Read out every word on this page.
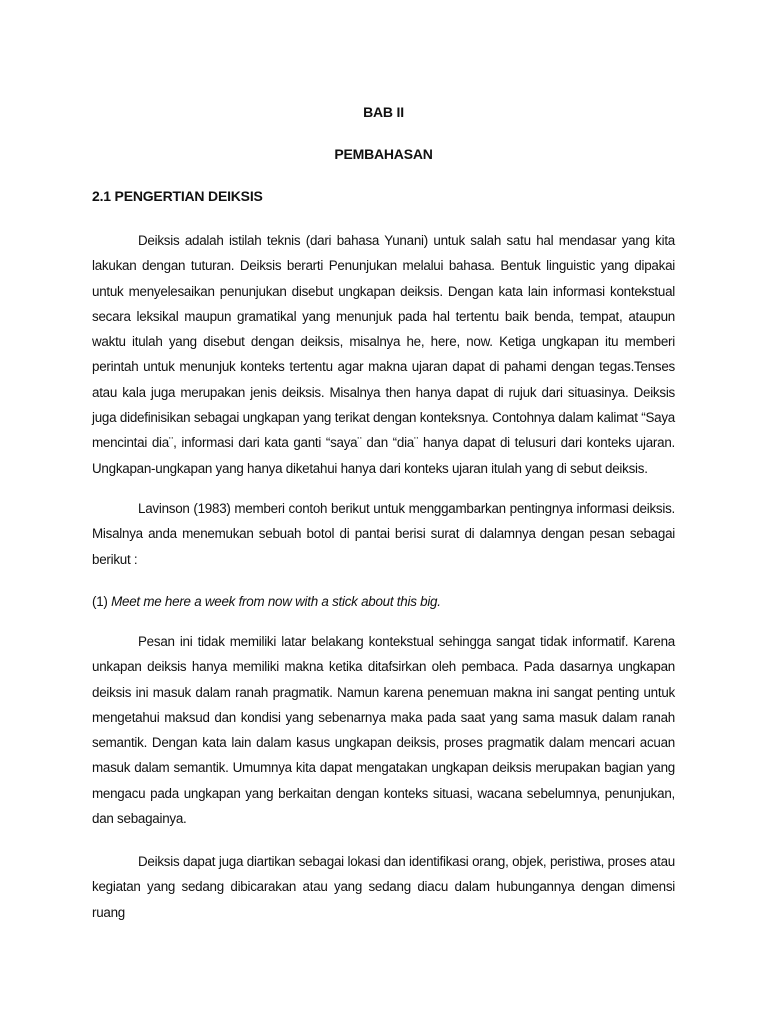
BAB II
PEMBAHASAN
2.1 PENGERTIAN DEIKSIS

Deiksis adalah istilah teknis (dari bahasa Yunani) untuk salah satu hal mendasar yang kita lakukan dengan tuturan. Deiksis berarti Penunjukan melalui bahasa. Bentuk linguistic yang dipakai untuk menyelesaikan penunjukan disebut ungkapan deiksis. Dengan kata lain informasi kontekstual secara leksikal maupun gramatikal yang menunjuk pada hal tertentu baik benda, tempat, ataupun waktu itulah yang disebut dengan deiksis, misalnya he, here, now. Ketiga ungkapan itu memberi perintah untuk menunjuk konteks tertentu agar makna ujaran dapat di pahami dengan tegas.Tenses atau kala juga merupakan jenis deiksis. Misalnya then hanya dapat di rujuk dari situasinya. Deiksis juga didefinisikan sebagai ungkapan yang terikat dengan konteksnya. Contohnya dalam kalimat “Saya mencintai dia¨, informasi dari kata ganti “saya¨ dan “dia¨ hanya dapat di telusuri dari konteks ujaran. Ungkapan-ungkapan yang hanya diketahui hanya dari konteks ujaran itulah yang di sebut deiksis.

Lavinson (1983) memberi contoh berikut untuk menggambarkan pentingnya informasi deiksis. Misalnya anda menemukan sebuah botol di pantai berisi surat di dalamnya dengan pesan sebagai berikut :

(1) Meet me here a week from now with a stick about this big.

Pesan ini tidak memiliki latar belakang kontekstual sehingga sangat tidak informatif. Karena unkapan deiksis hanya memiliki makna ketika ditafsirkan oleh pembaca. Pada dasarnya ungkapan deiksis ini masuk dalam ranah pragmatik. Namun karena penemuan makna ini sangat penting untuk mengetahui maksud dan kondisi yang sebenarnya maka pada saat yang sama masuk dalam ranah semantik. Dengan kata lain dalam kasus ungkapan deiksis, proses pragmatik dalam mencari acuan masuk dalam semantik. Umumnya kita dapat mengatakan ungkapan deiksis merupakan bagian yang mengacu pada ungkapan yang berkaitan dengan konteks situasi, wacana sebelumnya, penunjukan, dan sebagainya.

Deiksis dapat juga diartikan sebagai lokasi dan identifikasi orang, objek, peristiwa, proses atau kegiatan yang sedang dibicarakan atau yang sedang diacu dalam hubungannya dengan dimensi ruang
